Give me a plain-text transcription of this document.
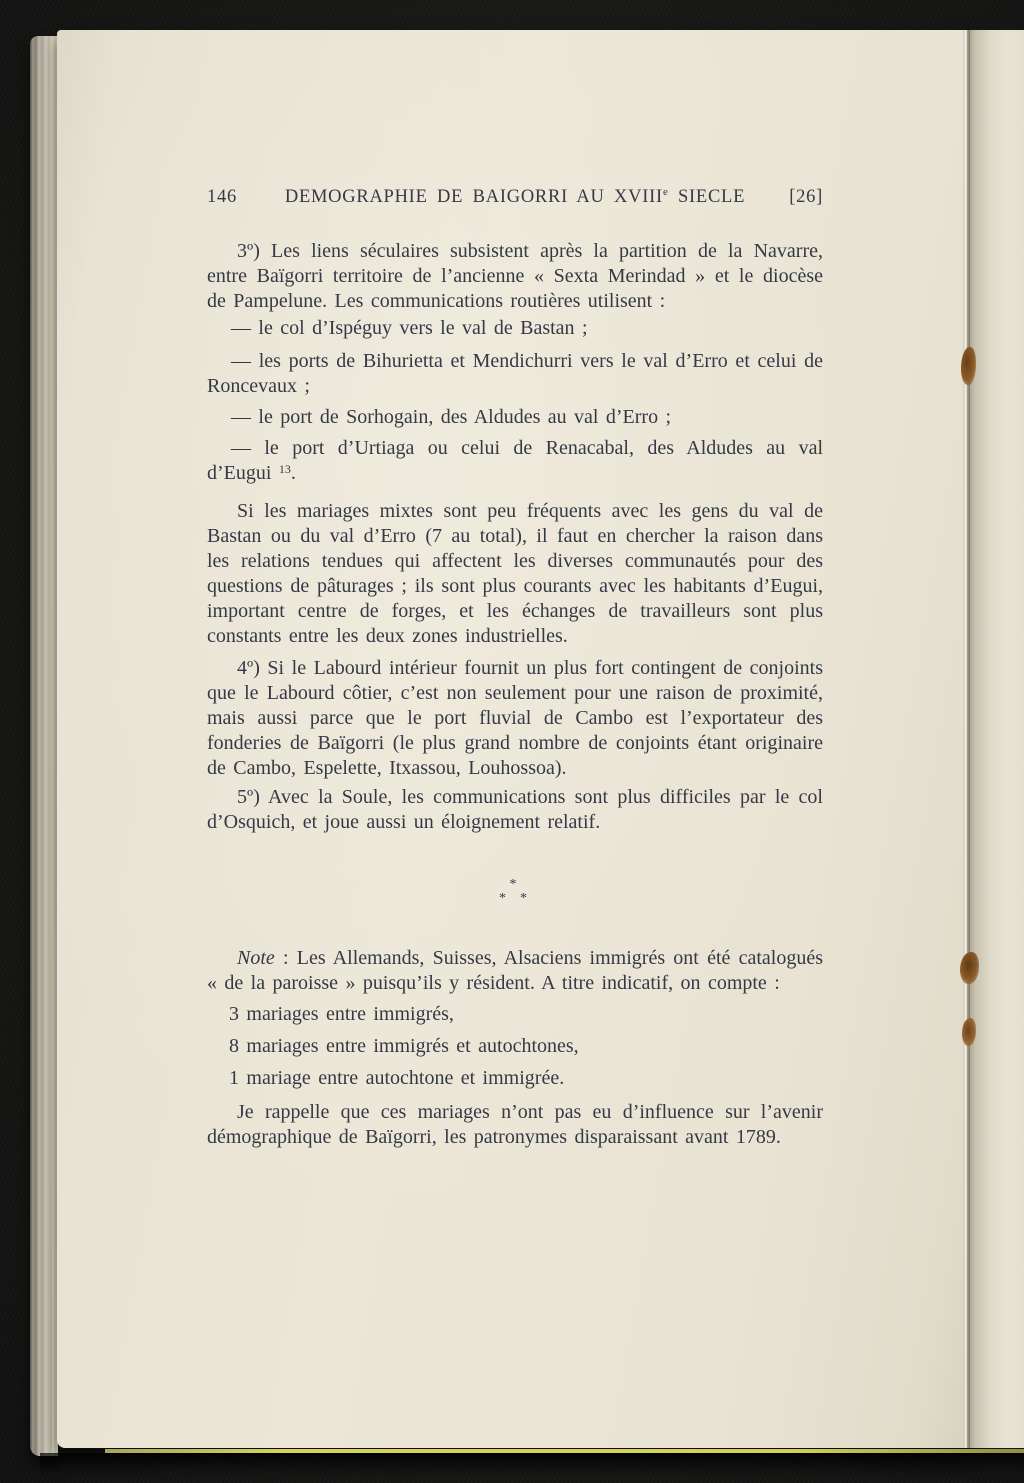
146	DEMOGRAPHIE DE BAIGORRI AU XVIIIe SIECLE	[26]

3º) Les liens séculaires subsistent après la partition de la Navarre, entre Baïgorri territoire de l’ancienne « Sexta Merindad » et le diocèse de Pampelune. Les communications routières utilisent :

— le col d’Ispéguy vers le val de Bastan ;

— les ports de Bihurietta et Mendichurri vers le val d’Erro et celui de Roncevaux ;

— le port de Sorhogain, des Aldudes au val d’Erro ;

— le port d’Urtiaga ou celui de Renacabal, des Aldudes au val d’Eugui $^{13}$.

Si les mariages mixtes sont peu fréquents avec les gens du val de Bastan ou du val d’Erro (7 au total), il faut en chercher la raison dans les relations tendues qui affectent les diverses communautés pour des questions de pâturages ; ils sont plus courants avec les habitants d’Eugui, important centre de forges, et les échanges de travailleurs sont plus constants entre les deux zones industrielles.

4º) Si le Labourd intérieur fournit un plus fort contingent de conjoints que le Labourd côtier, c’est non seulement pour une raison de proximité, mais aussi parce que le port fluvial de Cambo est l’exportateur des fonderies de Baïgorri (le plus grand nombre de conjoints étant originaire de Cambo, Espelette, Itxassou, Louhossoa).

5º) Avec la Soule, les communications sont plus difficiles par le col d’Osquich, et joue aussi un éloignement relatif.

*
* *

Note : Les Allemands, Suisses, Alsaciens immigrés ont été catalogués « de la paroisse » puisqu’ils y résident. A titre indicatif, on compte :

3 mariages entre immigrés,

8 mariages entre immigrés et autochtones,

1 mariage entre autochtone et immigrée.

Je rappelle que ces mariages n’ont pas eu d’influence sur l’avenir démographique de Baïgorri, les patronymes disparaissant avant 1789.
